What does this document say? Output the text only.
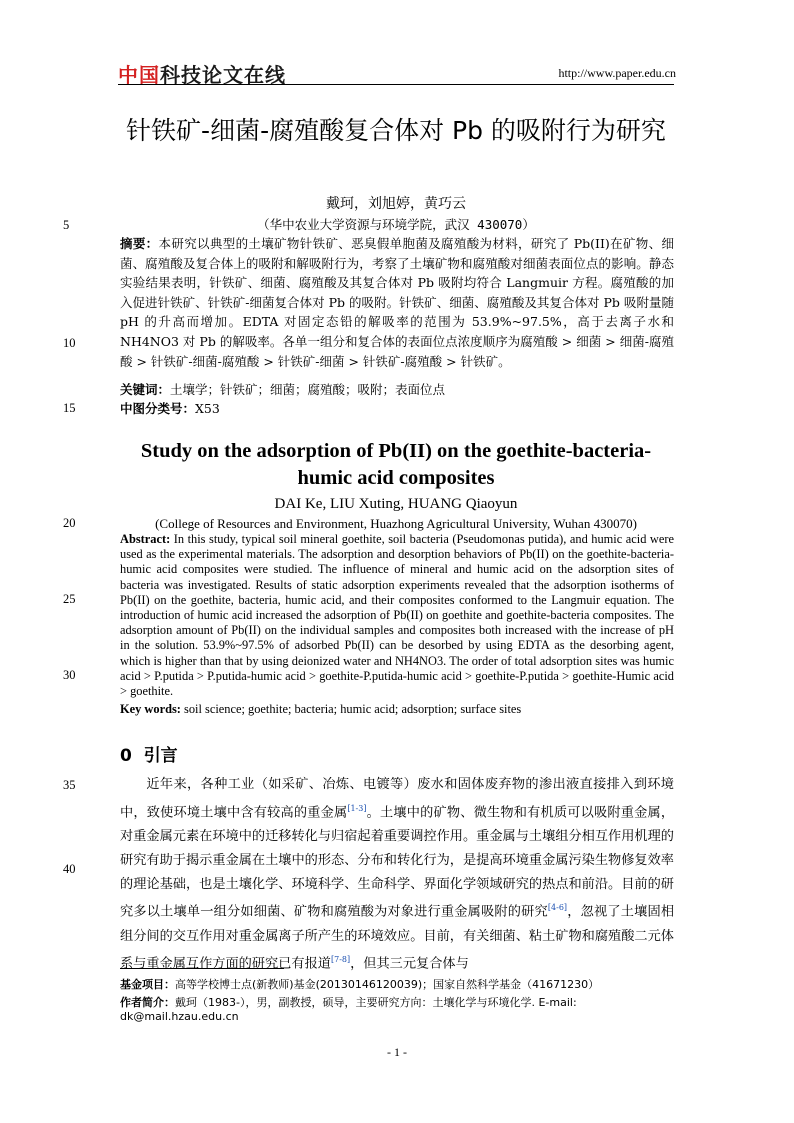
中国科技论文在线	http://www.paper.edu.cn
针铁矿-细菌-腐殖酸复合体对 Pb 的吸附行为研究
戴珂，刘旭婷，黄巧云
（华中农业大学资源与环境学院，武汉 430070）
5
10
15
20
25
30
35
40
摘要：本研究以典型的土壤矿物针铁矿、恶臭假单胞菌及腐殖酸为材料，研究了 Pb(II)在矿物、细菌、腐殖酸及复合体上的吸附和解吸附行为，考察了土壤矿物和腐殖酸对细菌表面位点的影响。静态实验结果表明，针铁矿、细菌、腐殖酸及其复合体对 Pb 吸附均符合 Langmuir 方程。腐殖酸的加入促进针铁矿、针铁矿-细菌复合体对 Pb 的吸附。针铁矿、细菌、腐殖酸及其复合体对 Pb 吸附量随 pH 的升高而增加。EDTA 对固定态铅的解吸率的范围为 53.9%~97.5%，高于去离子水和 NH4NO3 对 Pb 的解吸率。各单一组分和复合体的表面位点浓度顺序为腐殖酸 > 细菌 > 细菌-腐殖酸 > 针铁矿-细菌-腐殖酸 > 针铁矿-细菌 > 针铁矿-腐殖酸 > 针铁矿。
关键词：土壤学；针铁矿；细菌；腐殖酸；吸附；表面位点
中图分类号：X53
Study on the adsorption of Pb(II) on the goethite-bacteria-humic acid composites
DAI Ke, LIU Xuting, HUANG Qiaoyun
(College of Resources and Environment, Huazhong Agricultural University, Wuhan 430070)
Abstract: In this study, typical soil mineral goethite, soil bacteria (Pseudomonas putida), and humic acid were used as the experimental materials. The adsorption and desorption behaviors of Pb(II) on the goethite-bacteria-humic acid composites were studied. The influence of mineral and humic acid on the adsorption sites of bacteria was investigated. Results of static adsorption experiments revealed that the adsorption isotherms of Pb(II) on the goethite, bacteria, humic acid, and their composites conformed to the Langmuir equation. The introduction of humic acid increased the adsorption of Pb(II) on goethite and goethite-bacteria composites. The adsorption amount of Pb(II) on the individual samples and composites both increased with the increase of pH in the solution. 53.9%~97.5% of adsorbed Pb(II) can be desorbed by using EDTA as the desorbing agent, which is higher than that by using deionized water and NH4NO3. The order of total adsorption sites was humic acid > P.putida > P.putida-humic acid > goethite-P.putida-humic acid > goethite-P.putida > goethite-Humic acid > goethite.
Key words: soil science; goethite; bacteria; humic acid; adsorption; surface sites
0 引言
近年来，各种工业（如采矿、冶炼、电镀等）废水和固体废弃物的渗出液直接排入到环境中，致使环境土壤中含有较高的重金属[1-3]。土壤中的矿物、微生物和有机质可以吸附重金属，对重金属元素在环境中的迁移转化与归宿起着重要调控作用。重金属与土壤组分相互作用机理的研究有助于揭示重金属在土壤中的形态、分布和转化行为，是提高环境重金属污染生物修复效率的理论基础，也是土壤化学、环境科学、生命科学、界面化学领域研究的热点和前沿。目前的研究多以土壤单一组分如细菌、矿物和腐殖酸为对象进行重金属吸附的研究[4-6]，忽视了土壤固相组分间的交互作用对重金属离子所产生的环境效应。目前，有关细菌、粘土矿物和腐殖酸二元体系与重金属互作方面的研究已有报道[7-8]，但其三元复合体与
基金项目：高等学校博士点(新教师)基金(20130146120039)；国家自然科学基金（41671230）
作者简介：戴珂（1983-），男，副教授，硕导，主要研究方向：土壤化学与环境化学. E-mail: dk@mail.hzau.edu.cn
- 1 -
